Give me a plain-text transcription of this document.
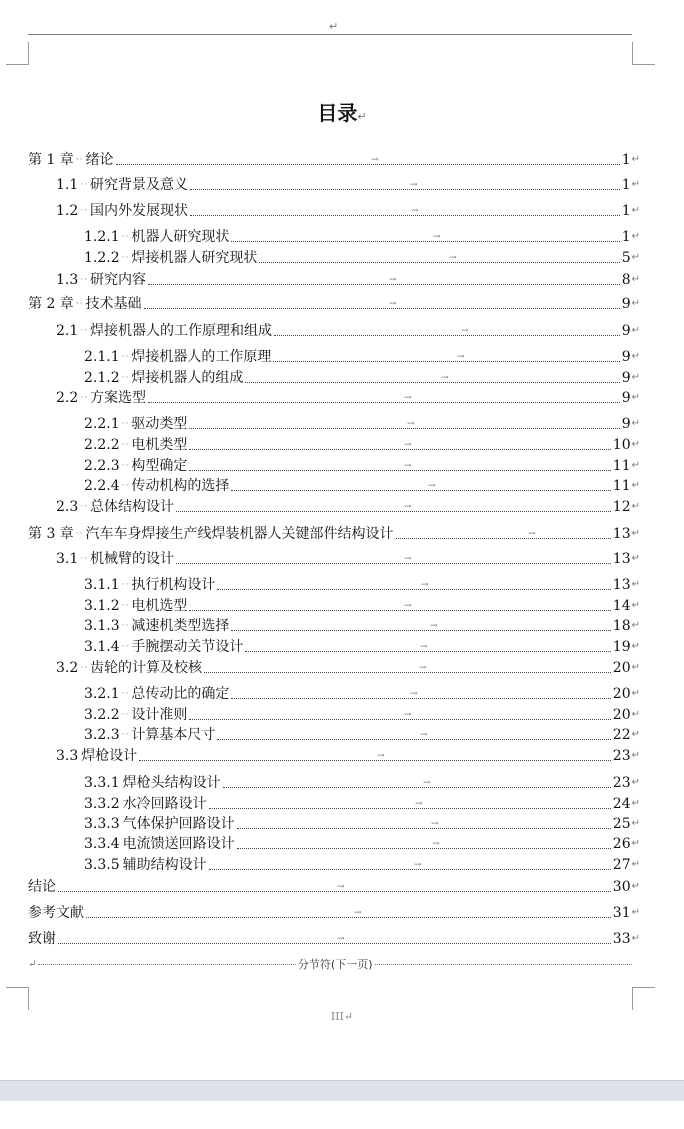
↵
目录↵
第 1 章 ·· 绪论	→	1 ↵
1.1 ·· 研究背景及意义	→	1 ↵
1.2 ·· 国内外发展现状	→	1 ↵
1.2.1 ·· 机器人研究现状	→	1 ↵
1.2.2 ·· 焊接机器人研究现状	→	5 ↵
1.3 ·· 研究内容	→	8 ↵
第 2 章 ·· 技术基础	→	9 ↵
2.1 ·· 焊接机器人的工作原理和组成	→	9 ↵
2.1.1 ·· 焊接机器人的工作原理	→	9 ↵
2.1.2 ·· 焊接机器人的组成	→	9 ↵
2.2 ·· 方案选型	→	9 ↵
2.2.1 ·· 驱动类型	→	9 ↵
2.2.2 ·· 电机类型	→	10 ↵
2.2.3 ·· 构型确定	→	11 ↵
2.2.4 ·· 传动机构的选择	→	11 ↵
2.3 ·· 总体结构设计	→	12 ↵
第 3 章 ·· 汽车车身焊接生产线焊装机器人关键部件结构设计	→	13 ↵
3.1 ·· 机械臂的设计	→	13 ↵
3.1.1 ·· 执行机构设计	→	13 ↵
3.1.2 ·· 电机选型	→	14 ↵
3.1.3 ·· 减速机类型选择	→	18 ↵
3.1.4 ·· 手腕摆动关节设计	→	19 ↵
3.2 ·· 齿轮的计算及校核	→	20 ↵
3.2.1 ·· 总传动比的确定	→	20 ↵
3.2.2 ·· 设计准则	→	20 ↵
3.2.3 ·· 计算基本尺寸	→	22 ↵
3.3 焊枪设计	→	23 ↵
3.3.1 焊枪头结构设计	→	23 ↵
3.3.2 水冷回路设计	→	24 ↵
3.3.3 气体保护回路设计	→	25 ↵
3.3.4 电流馈送回路设计	→	26 ↵
3.3.5 辅助结构设计	→	27 ↵
结论	→	30 ↵
参考文献	→	31 ↵
致谢	→	33 ↵
↵	分节符(下一页)
III↵
